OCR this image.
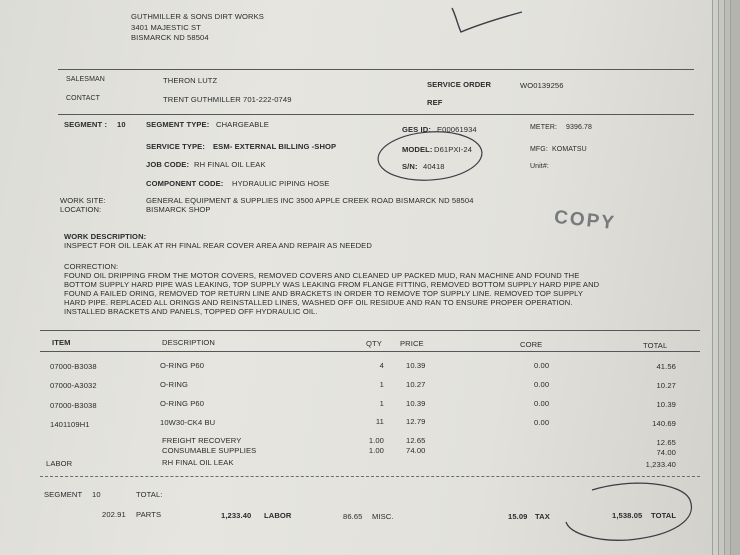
GUTHMILLER & SONS DIRT WORKS
3401 MAJESTIC ST
BISMARCK ND 58504
SALESMAN	THERON LUTZ
CONTACT	TRENT GUTHMILLER 701-222-0749
SERVICE ORDER	WO0139256
REF
SEGMENT : 10	SEGMENT TYPE: CHARGEABLE
GES ID: E00061934	METER: 9396.78
SERVICE TYPE: ESM- EXTERNAL BILLING -SHOP	MODEL: D61PXI-24	MFG: KOMATSU
JOB CODE: RH FINAL OIL LEAK	S/N: 40418	Unit#:
COMPONENT CODE: HYDRAULIC PIPING HOSE
WORK SITE:
LOCATION:
GENERAL EQUIPMENT & SUPPLIES INC 3500 APPLE CREEK ROAD BISMARCK ND 58504
BISMARCK SHOP	COPY
WORK DESCRIPTION:
INSPECT FOR OIL LEAK AT RH FINAL REAR COVER AREA AND REPAIR AS NEEDED
CORRECTION:
FOUND OIL DRIPPING FROM THE MOTOR COVERS, REMOVED COVERS AND CLEANED UP PACKED MUD, RAN MACHINE AND FOUND THE
BOTTOM SUPPLY HARD PIPE WAS LEAKING, TOP SUPPLY WAS LEAKING FROM FLANGE FITTING, REMOVED BOTTOM SUPPLY HARD PIPE AND
FOUND A FAILED ORING, REMOVED TOP RETURN LINE AND BRACKETS IN ORDER TO REMOVE TOP SUPPLY LINE. REMOVED TOP SUPPLY
HARD PIPE. REPLACED ALL ORINGS AND REINSTALLED LINES, WASHED OFF OIL RESIDUE AND RAN TO ENSURE PROPER OPERATION.
INSTALLED BRACKETS AND PANELS, TOPPED OFF HYDRAULIC OIL.
ITEM	DESCRIPTION	QTY PRICE	CORE	TOTAL
07000-B3038	O-RING P60	4	10.39	0.00	41.56
07000-A3032	O-RING	1	10.27	0.00	10.27
07000-B3038	O-RING P60	1	10.39	0.00	10.39
1401109H1	10W30-CK4 BU	11	12.79	0.00	140.69
FREIGHT RECOVERY	1.00	12.65	12.65
CONSUMABLE SUPPLIES	1.00	74.00	74.00
LABOR	RH FINAL OIL LEAK	1,233.40
SEGMENT 10	TOTAL:
202.91 PARTS	1,233.40 LABOR	86.65 MISC.	15.09 TAX	1,538.05 TOTAL
